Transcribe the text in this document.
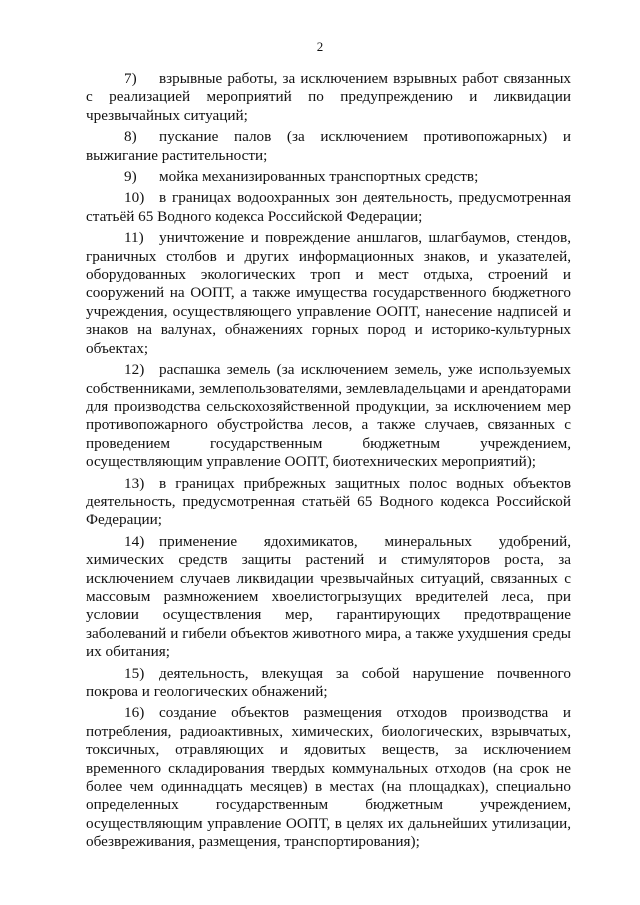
2

7) взрывные работы, за исключением взрывных работ связанных с реализацией мероприятий по предупреждению и ликвидации чрезвычайных ситуаций;

8) пускание палов (за исключением противопожарных) и выжигание растительности;

9) мойка механизированных транспортных средств;

10) в границах водоохранных зон деятельность, предусмотренная статьёй 65 Водного кодекса Российской Федерации;

11) уничтожение и повреждение аншлагов, шлагбаумов, стендов, граничных столбов и других информационных знаков, и указателей, оборудованных экологических троп и мест отдыха, строений и сооружений на ООПТ, а также имущества государственного бюджетного учреждения, осуществляющего управление ООПТ, нанесение надписей и знаков на валунах, обнажениях горных пород и историко-культурных объектах;

12) распашка земель (за исключением земель, уже используемых собственниками, землепользователями, землевладельцами и арендаторами для производства сельскохозяйственной продукции, за исключением мер противопожарного обустройства лесов, а также случаев, связанных с проведением государственным бюджетным учреждением, осуществляющим управление ООПТ, биотехнических мероприятий);

13) в границах прибрежных защитных полос водных объектов деятельность, предусмотренная статьёй 65 Водного кодекса Российской Федерации;

14) применение ядохимикатов, минеральных удобрений, химических средств защиты растений и стимуляторов роста, за исключением случаев ликвидации чрезвычайных ситуаций, связанных с массовым размножением хвоелистогрызущих вредителей леса, при условии осуществления мер, гарантирующих предотвращение заболеваний и гибели объектов животного мира, а также ухудшения среды их обитания;

15) деятельность, влекущая за собой нарушение почвенного покрова и геологических обнажений;

16) создание объектов размещения отходов производства и потребления, радиоактивных, химических, биологических, взрывчатых, токсичных, отравляющих и ядовитых веществ, за исключением временного складирования твердых коммунальных отходов (на срок не более чем одиннадцать месяцев) в местах (на площадках), специально определенных государственным бюджетным учреждением, осуществляющим управление ООПТ, в целях их дальнейших утилизации, обезвреживания, размещения, транспортирования);
